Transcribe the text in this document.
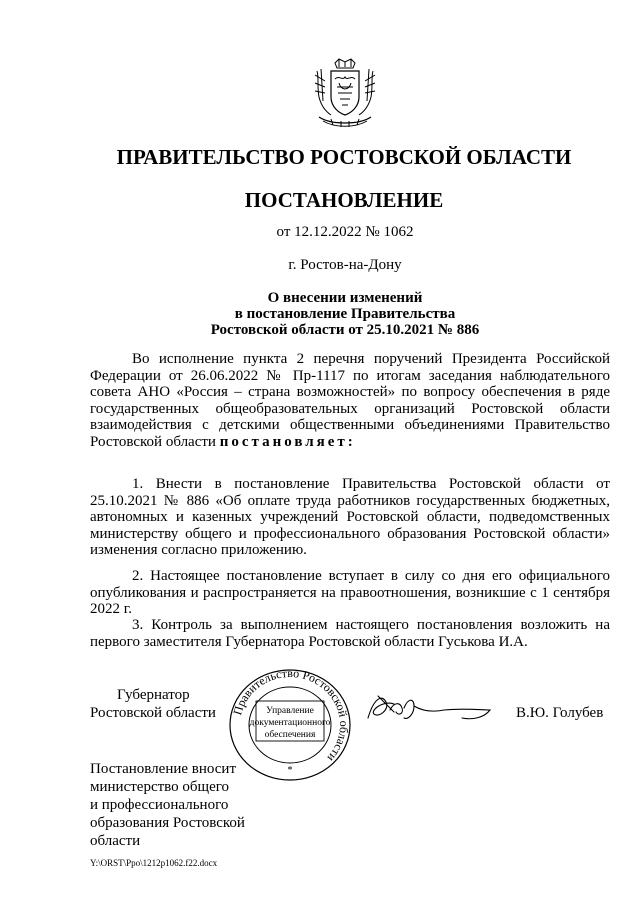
ПРАВИТЕЛЬСТВО РОСТОВСКОЙ ОБЛАСТИ
ПОСТАНОВЛЕНИЕ
от 12.12.2022 № 1062
г. Ростов-на-Дону
О внесении изменений
в постановление Правительства
Ростовской области от 25.10.2021 № 886

Во исполнение пункта 2 перечня поручений Президента Российской Федерации от 26.06.2022 № Пр-1117 по итогам заседания наблюдательного совета АНО «Россия – страна возможностей» по вопросу обеспечения в ряде государственных общеобразовательных организаций Ростовской области взаимодействия с детскими общественными объединениями Правительство Ростовской области постановляет:

1. Внести в постановление Правительства Ростовской области от 25.10.2021 № 886 «Об оплате труда работников государственных бюджетных, автономных и казенных учреждений Ростовской области, подведомственных министерству общего и профессионального образования Ростовской области» изменения согласно приложению.

2. Настоящее постановление вступает в силу со дня его официального опубликования и распространяется на правоотношения, возникшие с 1 сентября 2022 г.

3. Контроль за выполнением настоящего постановления возложить на первого заместителя Губернатора Ростовской области Гуськова И.А.

Губернатор
Ростовской области Правительство Ростовской области
Управление
документационного
обеспечения
*
В.Ю. Голубев
Постановление вносит
министерство общего
и профессионального
образования Ростовской
области
Y:\ORST\Ppo\1212p1062.f22.docx
